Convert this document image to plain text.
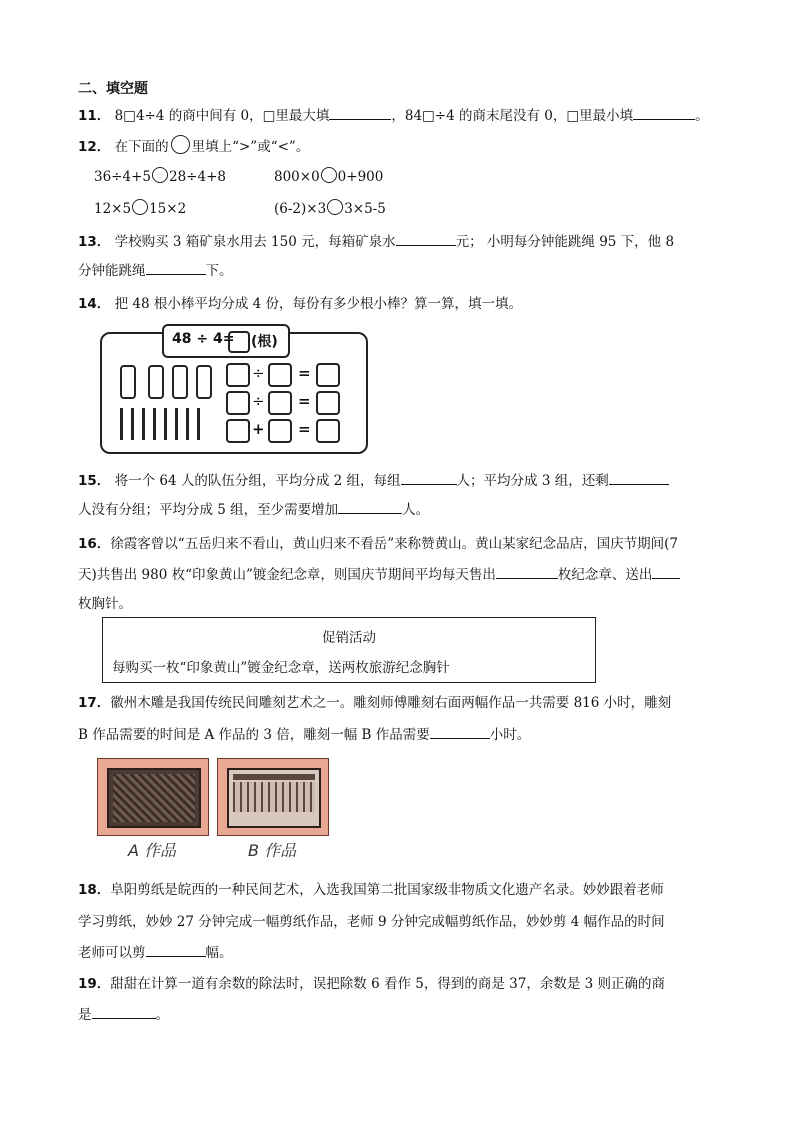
二、填空题
11． 8□4÷4 的商中间有 0，□里最大填	，84□÷4 的商末尾没有 0，□里最小填	。
12． 在下面的 里填上“>”或“<”。
36÷4+5 28÷4+8	800×0 0+900
12×5 15×2	(6-2)×3 3×5-5
13． 学校购买 3 箱矿泉水用去 150 元，每箱矿泉水	元； 小明每分钟能跳绳 95 下，他 8
分钟能跳绳	下。
14． 把 48 根小棒平均分成 4 份，每份有多少根小棒？算一算，填一填。
48 ÷ 4= (根)
÷ =
÷ =
+ =
15． 将一个 64 人的队伍分组，平均分成 2 组，每组	人；平均分成 3 组，还剩
人没有分组；平均分成 5 组，至少需要增加	人。
16．徐霞客曾以“五岳归来不看山，黄山归来不看岳”来称赞黄山。黄山某家纪念品店，国庆节期间(7
天)共售出 980 枚“印象黄山”镀金纪念章，则国庆节期间平均每天售出	枚纪念章、送出
枚胸针。
促销活动
每购买一枚“印象黄山”镀金纪念章，送两枚旅游纪念胸针
17．徽州木雕是我国传统民间雕刻艺术之一。雕刻师傅雕刻右面两幅作品一共需要 816 小时，雕刻
B 作品需要的时间是 A 作品的 3 倍，雕刻一幅 B 作品需要	小时。
A 作品	B 作品
18．阜阳剪纸是皖西的一种民间艺术，入选我国第二批国家级非物质文化遗产名录。妙妙跟着老师
学习剪纸，妙妙 27 分钟完成一幅剪纸作品，老师 9 分钟完成幅剪纸作品，妙妙剪 4 幅作品的时间
老师可以剪	幅。
19．甜甜在计算一道有余数的除法时，误把除数 6 看作 5，得到的商是 37，余数是 3 则正确的商
是	。
